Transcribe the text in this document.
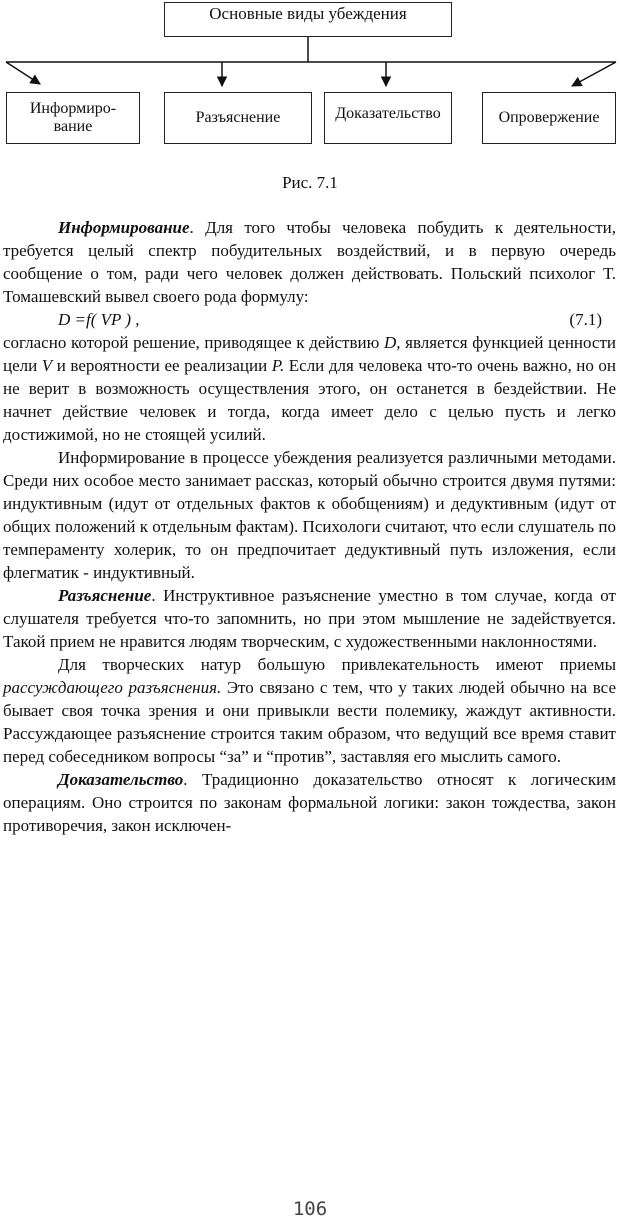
Основные виды убеждения
Информиро-
вание
Разъяснение	Доказательство	Опровержение
Рис. 7.1

Информирование. Для того чтобы человека побудить к деятельности, требуется целый спектр побудительных воздействий, и в первую очередь сообщение о том, ради чего человек должен действовать. Польский психолог Т. Томашевский вывел своего рода формулу:

D =f( VP ) ,	(7.1)

согласно которой решение, приводящее к действию D, является функцией ценности цели V и вероятности ее реализации P. Если для человека что-то очень важно, но он не верит в возможность осуществления этого, он останется в бездействии. Не начнет действие человек и тогда, когда имеет дело с целью пусть и легко достижимой, но не стоящей усилий.

Информирование в процессе убеждения реализуется различными методами. Среди них особое место занимает рассказ, который обычно строится двумя путями: индуктивным (идут от отдельных фактов к обобщениям) и дедуктивным (идут от общих положений к отдельным фактам). Психологи считают, что если слушатель по темпераменту холерик, то он предпочитает дедуктивный путь изложения, если флегматик - индуктивный.

Разъяснение. Инструктивное разъяснение уместно в том случае, когда от слушателя требуется что-то запомнить, но при этом мышление не задействуется. Такой прием не нравится людям творческим, с художественными наклонностями.

Для творческих натур большую привлекательность имеют приемы рассуждающего разъяснения. Это связано с тем, что у таких людей обычно на все бывает своя точка зрения и они привыкли вести полемику, жаждут активности. Рассуждающее разъяснение строится таким образом, что ведущий все время ставит перед собеседником вопросы “за” и “против”, заставляя его мыслить самого.

Доказательство. Традиционно доказательство относят к логическим операциям. Оно строится по законам формальной логики: закон тождества, закон противоречия, закон исключен-

106
